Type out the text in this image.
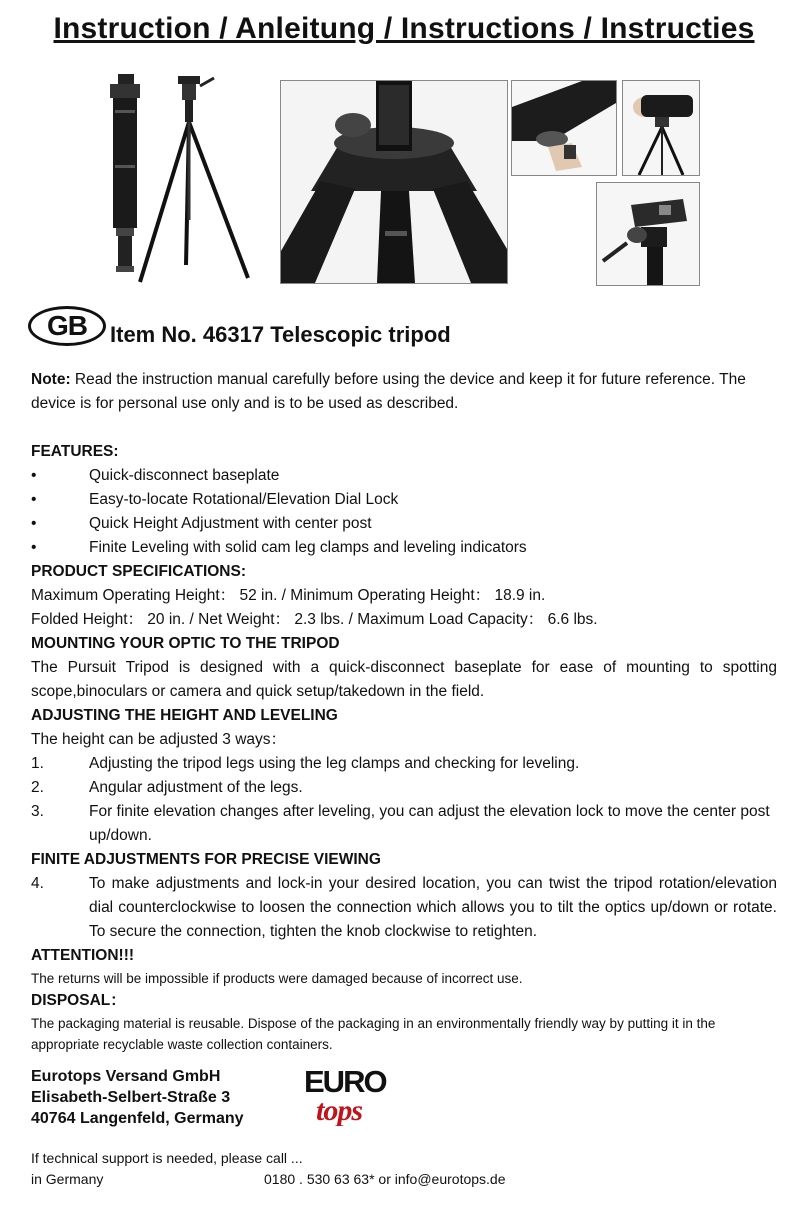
Instruction / Anleitung / Instructions / Instructies
GB	Item No. 46317 Telescopic tripod

Note: Read the instruction manual carefully before using the device and keep it for future reference. The device is for personal use only and is to be used as described.

FEATURES:

•	Quick-disconnect baseplate

•	Easy-to-locate Rotational/Elevation Dial Lock

•	Quick Height Adjustment with center post

•	Finite Leveling with solid cam leg clamps and leveling indicators

PRODUCT SPECIFICATIONS:

Maximum Operating Height： 52 in. / Minimum Operating Height： 18.9 in.

Folded Height： 20 in. / Net Weight： 2.3 lbs. / Maximum Load Capacity： 6.6 lbs.

MOUNTING YOUR OPTIC TO THE TRIPOD

The Pursuit Tripod is designed with a quick-disconnect baseplate for ease of mounting to spotting scope,binoculars or camera and quick setup/takedown in the field.

ADJUSTING THE HEIGHT AND LEVELING

The height can be adjusted 3 ways：

1.	Adjusting the tripod legs using the leg clamps and checking for leveling.

2.	Angular adjustment of the legs.

3.	For finite elevation changes after leveling, you can adjust the elevation lock to move the center post up/down.

FINITE ADJUSTMENTS FOR PRECISE VIEWING

4.	To make adjustments and lock-in your desired location, you can twist the tripod rotation/elevation dial counterclockwise to loosen the connection which allows you to tilt the optics up/down or rotate. To secure the connection, tighten the knob clockwise to retighten.

ATTENTION!!!

The returns will be impossible if products were damaged because of incorrect use.

DISPOSAL：

The packaging material is reusable. Dispose of the packaging in an environmentally friendly way by putting it in the appropriate recyclable waste collection containers.

Eurotops Versand GmbH
Elisabeth-Selbert-Straße 3
40764 Langenfeld, Germany
EURO
tops
If technical support is needed, please call ...
in Germany	0180 . 530 63 63* or info@eurotops.de
